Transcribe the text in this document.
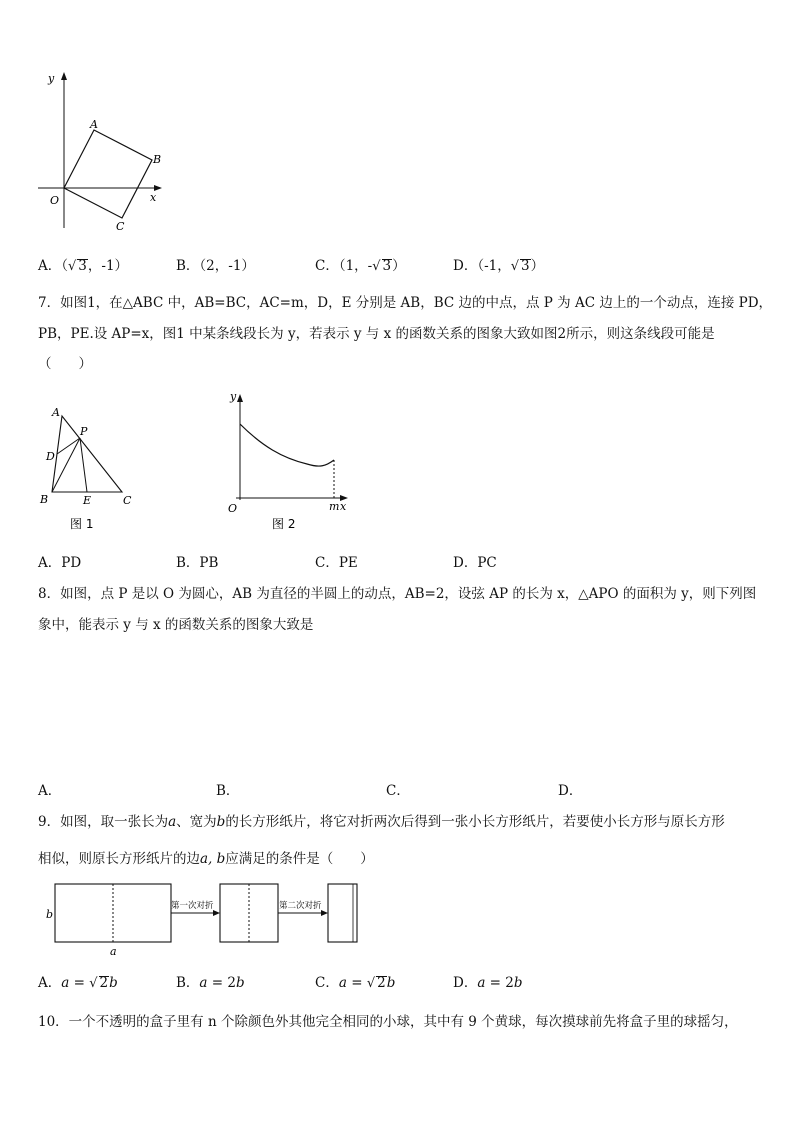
y
x
O
A
B
C
A．（√ 3，-1）	B．（2，-1）	C．（1，-√ 3）	D．（-1，√ 3）
7．如图1，在△ABC 中，AB=BC，AC=m，D，E 分别是 AB，BC 边的中点，点 P 为 AC 边上的一个动点，连接 PD，
PB，PE.设 AP=x，图1 中某条线段长为 y，若表示 y 与 x 的函数关系的图象大致如图2所示，则这条线段可能是
（　　）
A
P
D
B	E	C
图 1
y
O	m x
图 2
A．PD	B．PB	C．PE	D．PC
8．如图，点 P 是以 O 为圆心，AB 为直径的半圆上的动点，AB=2，设弦 AP 的长为 x，△APO 的面积为 y，则下列图
象中，能表示 y 与 x 的函数关系的图象大致是
A．	B．	C．	D．
9．如图，取一张长为a、宽为b的长方形纸片，将它对折两次后得到一张小长方形纸片，若要使小长方形与原长方形
相似，则原长方形纸片的边a, b应满足的条件是（　　）
b
a
第一次对折	第二次对折
A．a = √ 2b	B．a = 2b	C．a = √ 2b	D．a = 2b
10．一个不透明的盒子里有 n 个除颜色外其他完全相同的小球，其中有 9 个黄球，每次摸球前先将盒子里的球摇匀，
